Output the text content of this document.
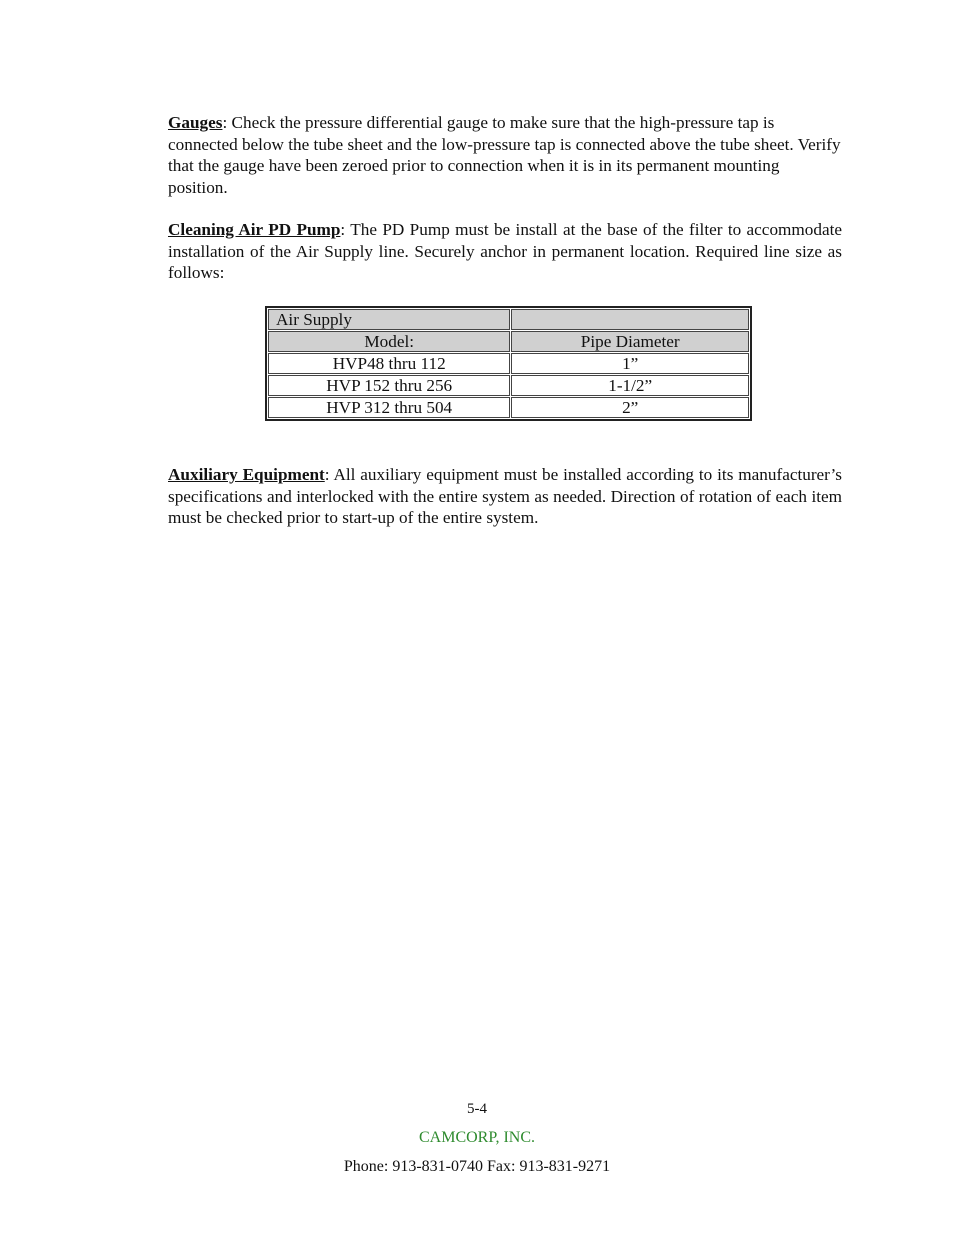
Gauges: Check the pressure differential gauge to make sure that the high-pressure tap is connected below the tube sheet and the low-pressure tap is connected above the tube sheet. Verify that the gauge have been zeroed prior to connection when it is in its permanent mounting position.

Cleaning Air PD Pump: The PD Pump must be install at the base of the filter to accommodate installation of the Air Supply line. Securely anchor in permanent location. Required line size as follows:

Air Supply	
Model:	Pipe Diameter
HVP48 thru 112	1”
HVP 152 thru 256	1-1/2”
HVP 312 thru 504	2”

Auxiliary Equipment: All auxiliary equipment must be installed according to its manufacturer’s specifications and interlocked with the entire system as needed. Direction of rotation of each item must be checked prior to start-up of the entire system.

5-4

CAMCORP, INC.

Phone: 913-831-0740 Fax: 913-831-9271
